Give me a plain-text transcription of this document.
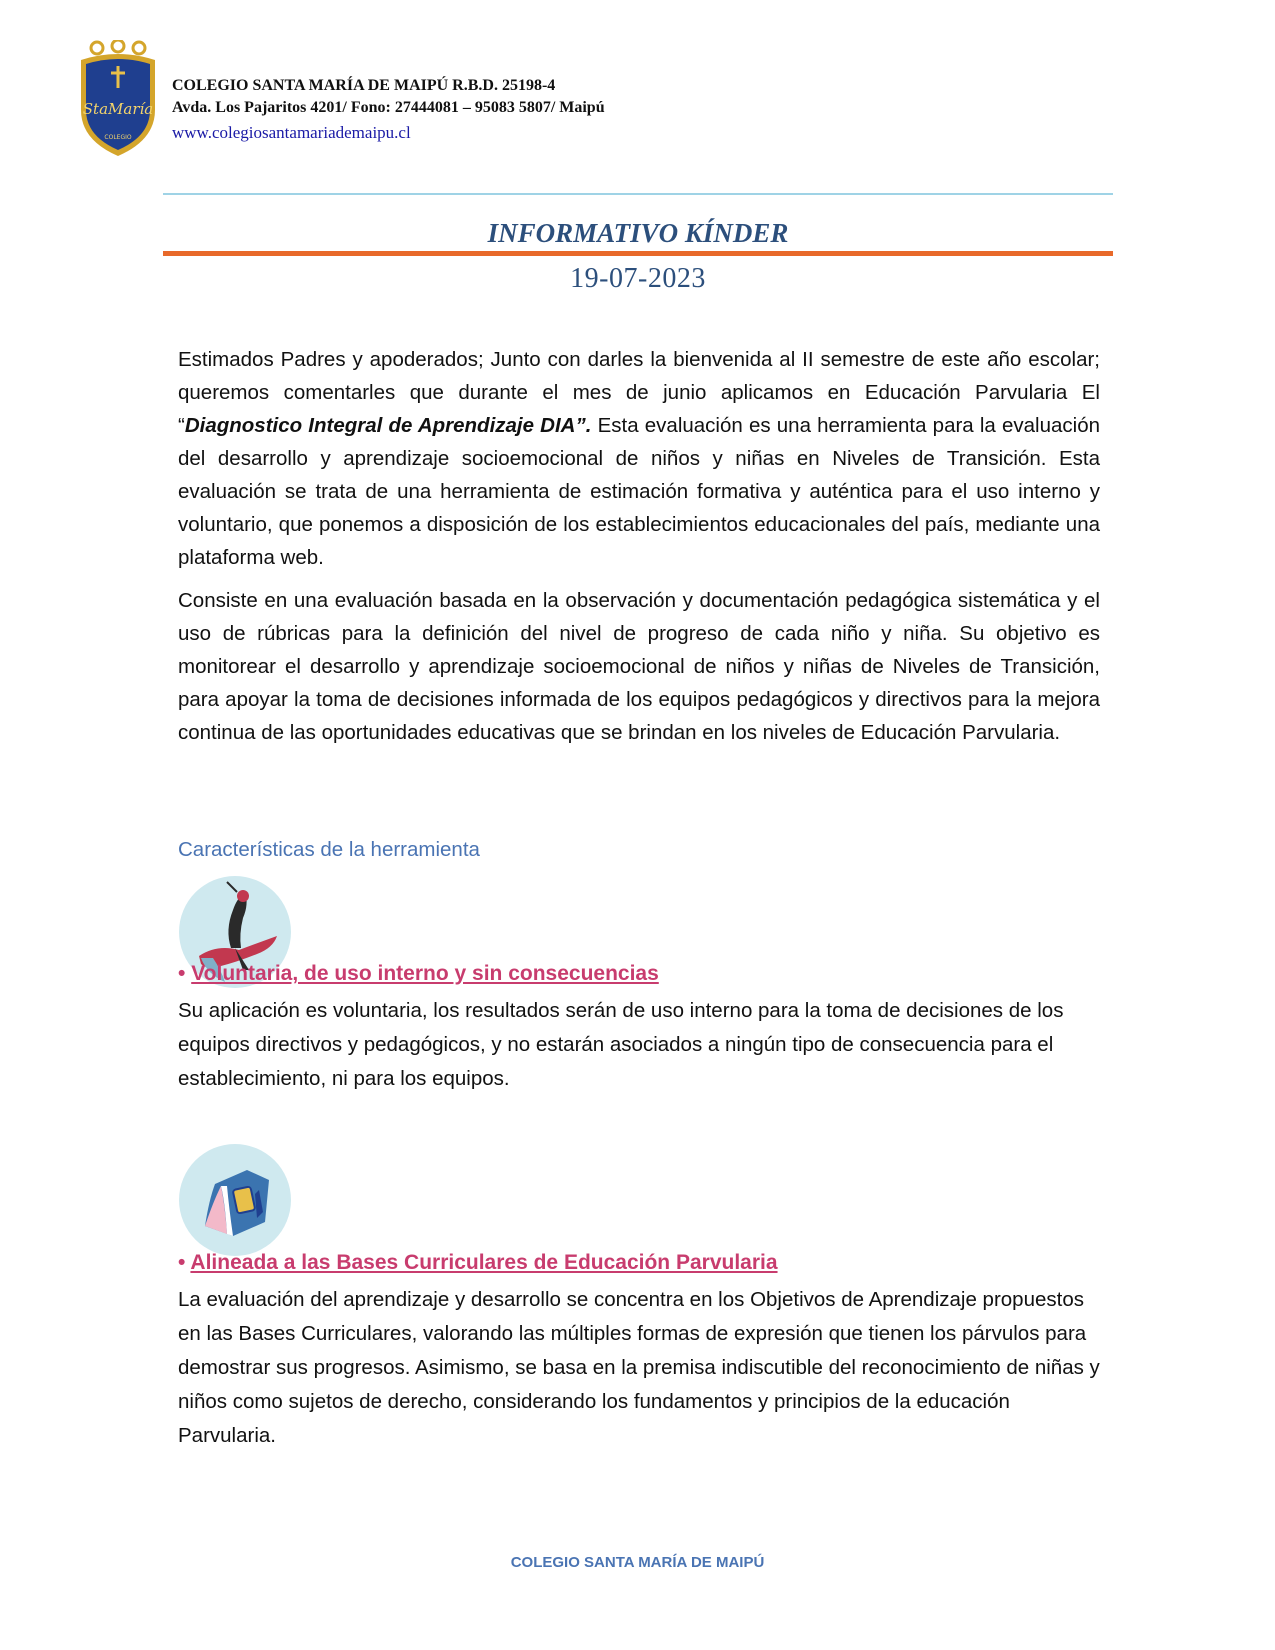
StaMaría
COLEGIO
COLEGIO SANTA MARÍA DE MAIPÚ R.B.D. 25198-4
Avda. Los Pajaritos 4201/ Fono: 27444081 – 95083 5807/ Maipú
www.colegiosantamariademaipu.cl
INFORMATIVO KÍNDER
19-07-2023
Estimados Padres y apoderados; Junto con darles la bienvenida al II semestre de este año escolar; queremos comentarles que durante el mes de junio aplicamos en Educación Parvularia El “Diagnostico Integral de Aprendizaje DIA”. Esta evaluación es una herramienta para la evaluación del desarrollo y aprendizaje socioemocional de niños y niñas en Niveles de Transición. Esta evaluación se trata de una herramienta de estimación formativa y auténtica para el uso interno y voluntario, que ponemos a disposición de los establecimientos educacionales del país, mediante una plataforma web.
Consiste en una evaluación basada en la observación y documentación pedagógica sistemática y el uso de rúbricas para la definición del nivel de progreso de cada niño y niña. Su objetivo es monitorear el desarrollo y aprendizaje socioemocional de niños y niñas de Niveles de Transición, para apoyar la toma de decisiones informada de los equipos pedagógicos y directivos para la mejora continua de las oportunidades educativas que se brindan en los niveles de Educación Parvularia.
Características de la herramienta
• Voluntaria, de uso interno y sin consecuencias
Su aplicación es voluntaria, los resultados serán de uso interno para la toma de decisiones de los equipos directivos y pedagógicos, y no estarán asociados a ningún tipo de consecuencia para el establecimiento, ni para los equipos.
• Alineada a las Bases Curriculares de Educación Parvularia
La evaluación del aprendizaje y desarrollo se concentra en los Objetivos de Aprendizaje propuestos en las Bases Curriculares, valorando las múltiples formas de expresión que tienen los párvulos para demostrar sus progresos. Asimismo, se basa en la premisa indiscutible del reconocimiento de niñas y niños como sujetos de derecho, considerando los fundamentos y principios de la educación Parvularia.
COLEGIO SANTA MARÍA DE MAIPÚ
